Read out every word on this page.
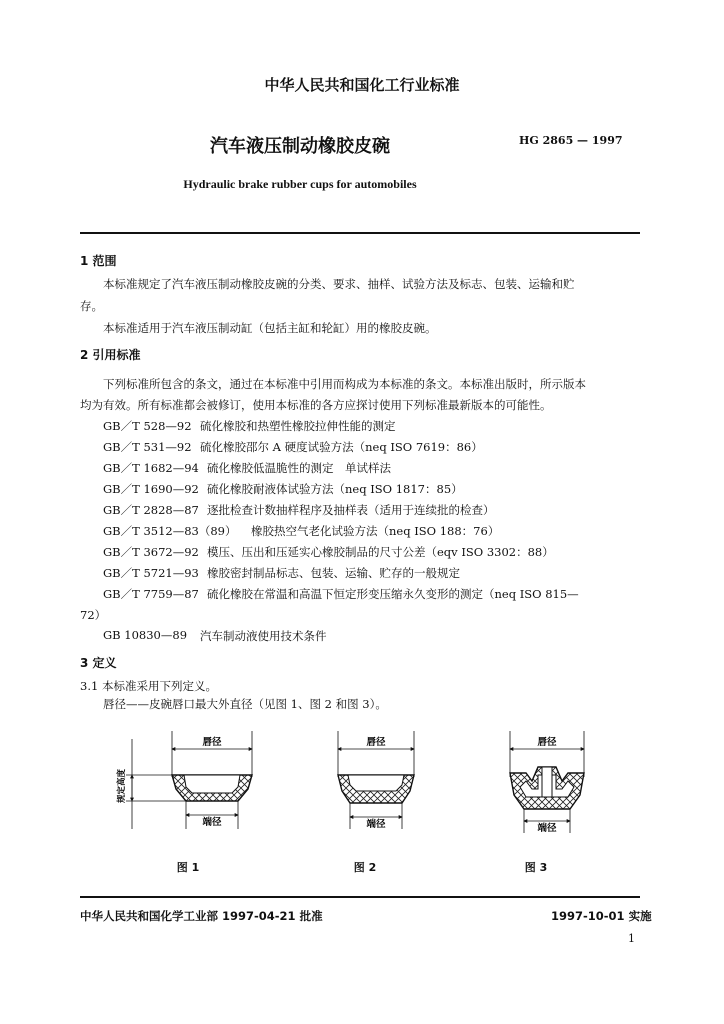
中华人民共和国化工行业标准
汽车液压制动橡胶皮碗	HG 2865 — 1997
Hydraulic brake rubber cups for automobiles
1 范围
本标准规定了汽车液压制动橡胶皮碗的分类、要求、抽样、试验方法及标志、包装、运输和贮
存。
本标准适用于汽车液压制动缸（包括主缸和轮缸）用的橡胶皮碗。
2 引用标准
下列标准所包含的条文，通过在本标准中引用而构成为本标准的条文。本标准出版时，所示版本
均为有效。所有标准都会被修订，使用本标准的各方应探讨使用下列标准最新版本的可能性。
GB／T 528—92 硫化橡胶和热塑性橡胶拉伸性能的测定
GB／T 531—92 硫化橡胶邵尔 A 硬度试验方法（neq ISO 7619：86）
GB／T 1682—94 硫化橡胶低温脆性的测定　单试样法
GB／T 1690—92 硫化橡胶耐液体试验方法（neq ISO 1817：85）
GB／T 2828—87 逐批检查计数抽样程序及抽样表（适用于连续批的检查）
GB／T 3512—83（89） 橡胶热空气老化试验方法（neq ISO 188：76）
GB／T 3672—92 模压、压出和压延实心橡胶制品的尺寸公差（eqv ISO 3302：88）
GB／T 5721—93 橡胶密封制品标志、包装、运输、贮存的一般规定
GB／T 7759—87 硫化橡胶在常温和高温下恒定形变压缩永久变形的测定（neq ISO 815—
72）
GB 10830—89 汽车制动液使用技术条件
3 定义
3.1 本标准采用下列定义。
唇径——皮碗唇口最大外直径（见图 1、图 2 和图 3）。
唇径
端径
规定高度
唇径
端径
唇径
端径
图 1	图 2	图 3
中华人民共和国化学工业部 1997-04-21 批准	1997-10-01 实施
1
